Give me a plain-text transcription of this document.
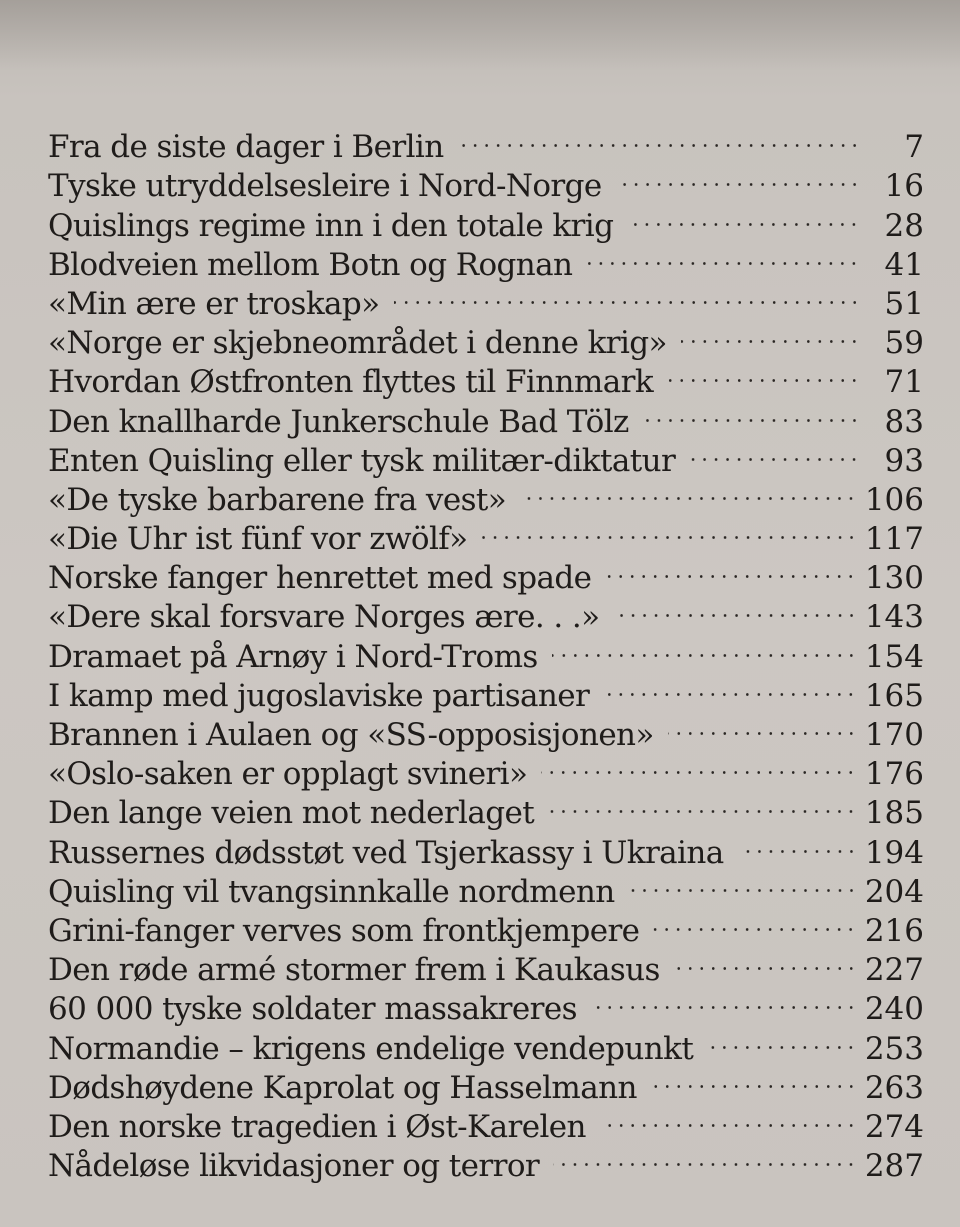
Fra de siste dager i Berlin	7
Tyske utryddelsesleire i Nord-Norge	16
Quislings regime inn i den totale krig	28
Blodveien mellom Botn og Rognan	41
«Min ære er troskap»	51
«Norge er skjebneområdet i denne krig»	59
Hvordan Østfronten flyttes til Finnmark	71
Den knallharde Junkerschule Bad Tölz	83
Enten Quisling eller tysk militær-diktatur	93
«De tyske barbarene fra vest»	106
«Die Uhr ist fünf vor zwölf»	117
Norske fanger henrettet med spade	130
«Dere skal forsvare Norges ære. . .»	143
Dramaet på Arnøy i Nord-Troms	154
I kamp med jugoslaviske partisaner	165
Brannen i Aulaen og «SS-opposisjonen»	170
«Oslo-saken er opplagt svineri»	176
Den lange veien mot nederlaget	185
Russernes dødsstøt ved Tsjerkassy i Ukraina	194
Quisling vil tvangsinnkalle nordmenn	204
Grini-fanger verves som frontkjempere	216
Den røde armé stormer frem i Kaukasus	227
60 000 tyske soldater massakreres	240
Normandie – krigens endelige vendepunkt	253
Dødshøydene Kaprolat og Hasselmann	263
Den norske tragedien i Øst-Karelen	274
Nådeløse likvidasjoner og terror	287
